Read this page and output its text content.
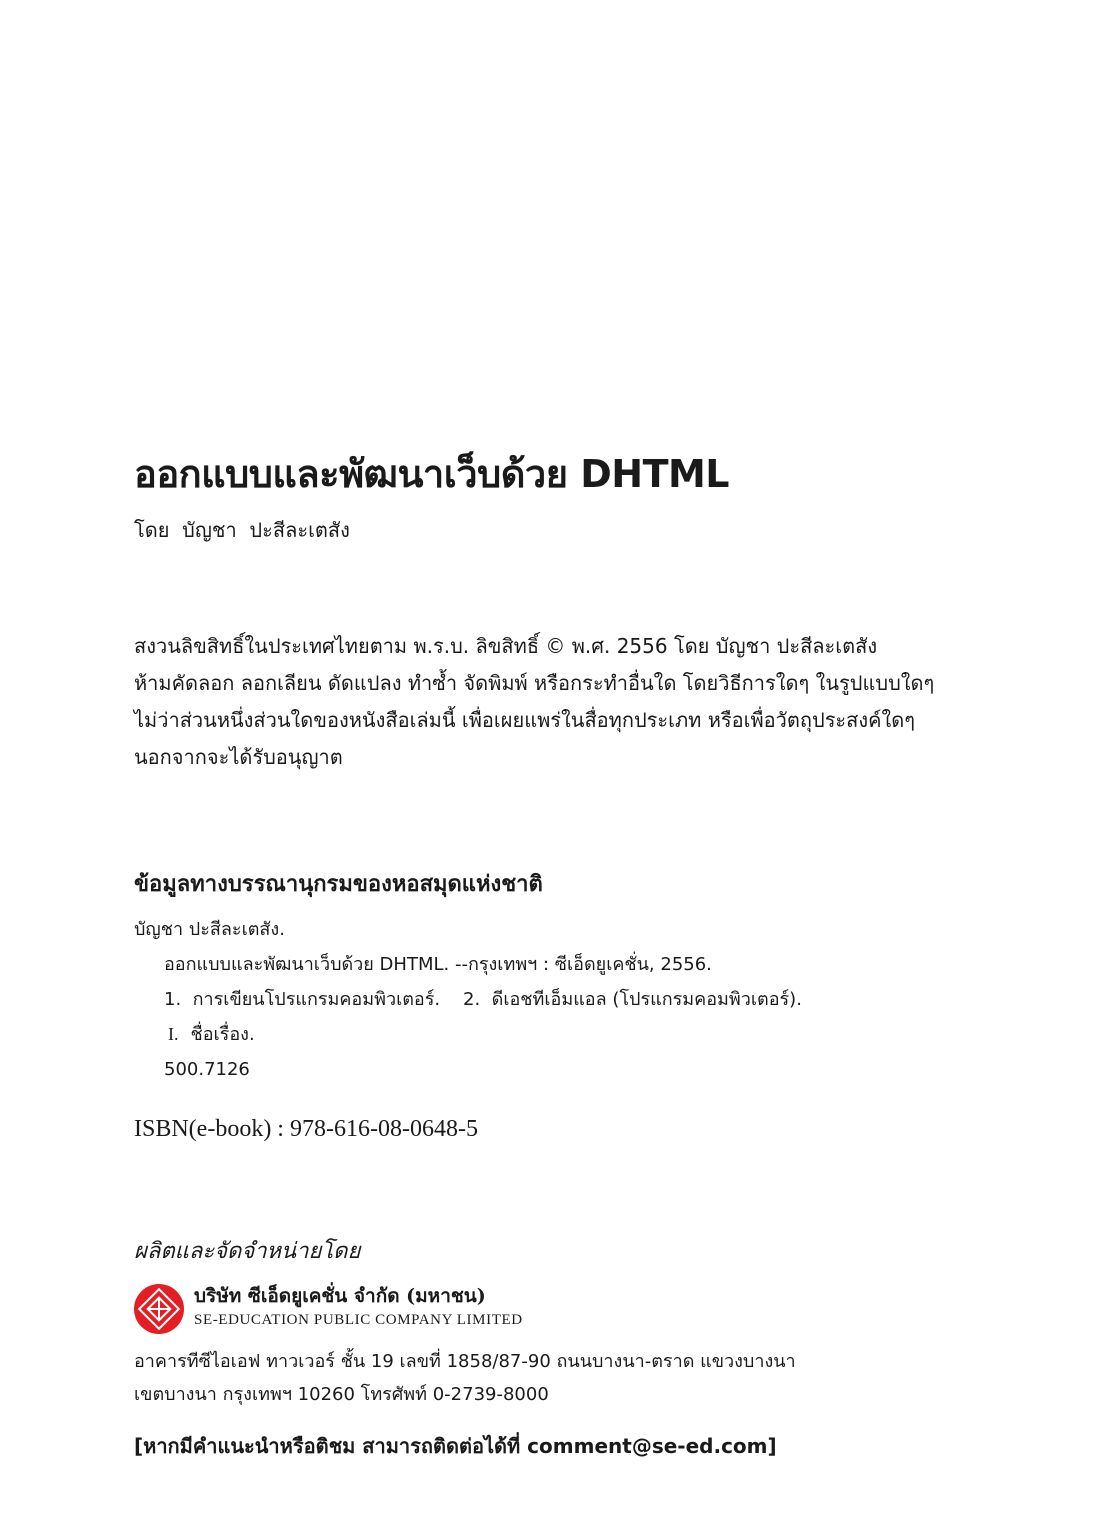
ออกแบบและพัฒนาเว็บด้วย DHTML
โดย  บัญชา  ปะสีละเตสัง
สงวนลิขสิทธิ์ในประเทศไทยตาม พ.ร.บ. ลิขสิทธิ์ © พ.ศ. 2556 โดย บัญชา ปะสีละเตสัง
ห้ามคัดลอก ลอกเลียน ดัดแปลง ทำซ้ำ จัดพิมพ์ หรือกระทำอื่นใด โดยวิธีการใดๆ ในรูปแบบใดๆ
ไม่ว่าส่วนหนึ่งส่วนใดของหนังสือเล่มนี้ เพื่อเผยแพร่ในสื่อทุกประเภท หรือเพื่อวัตถุประสงค์ใดๆ
นอกจากจะได้รับอนุญาต
ข้อมูลทางบรรณานุกรมของหอสมุดแห่งชาติ
บัญชา ปะสีละเตสัง.
ออกแบบและพัฒนาเว็บด้วย DHTML. --กรุงเทพฯ : ซีเอ็ดยูเคชั่น, 2556.
1.  การเขียนโปรแกรมคอมพิวเตอร์.    2.  ดีเอชทีเอ็มแอล (โปรแกรมคอมพิวเตอร์).
I. ชื่อเรื่อง.
500.7126
ISBN(e-book) : 978-616-08-0648-5
ผลิตและจัดจำหน่ายโดย
บริษัท ซีเอ็ดยูเคชั่น จำกัด (มหาชน)
SE-EDUCATION PUBLIC COMPANY LIMITED
อาคารทีซีไอเอฟ ทาวเวอร์ ชั้น 19 เลขที่ 1858/87-90 ถนนบางนา-ตราด แขวงบางนา
เขตบางนา กรุงเทพฯ 10260 โทรศัพท์ 0-2739-8000
[หากมีคำแนะนำหรือติชม สามารถติดต่อได้ที่ comment@se-ed.com]
